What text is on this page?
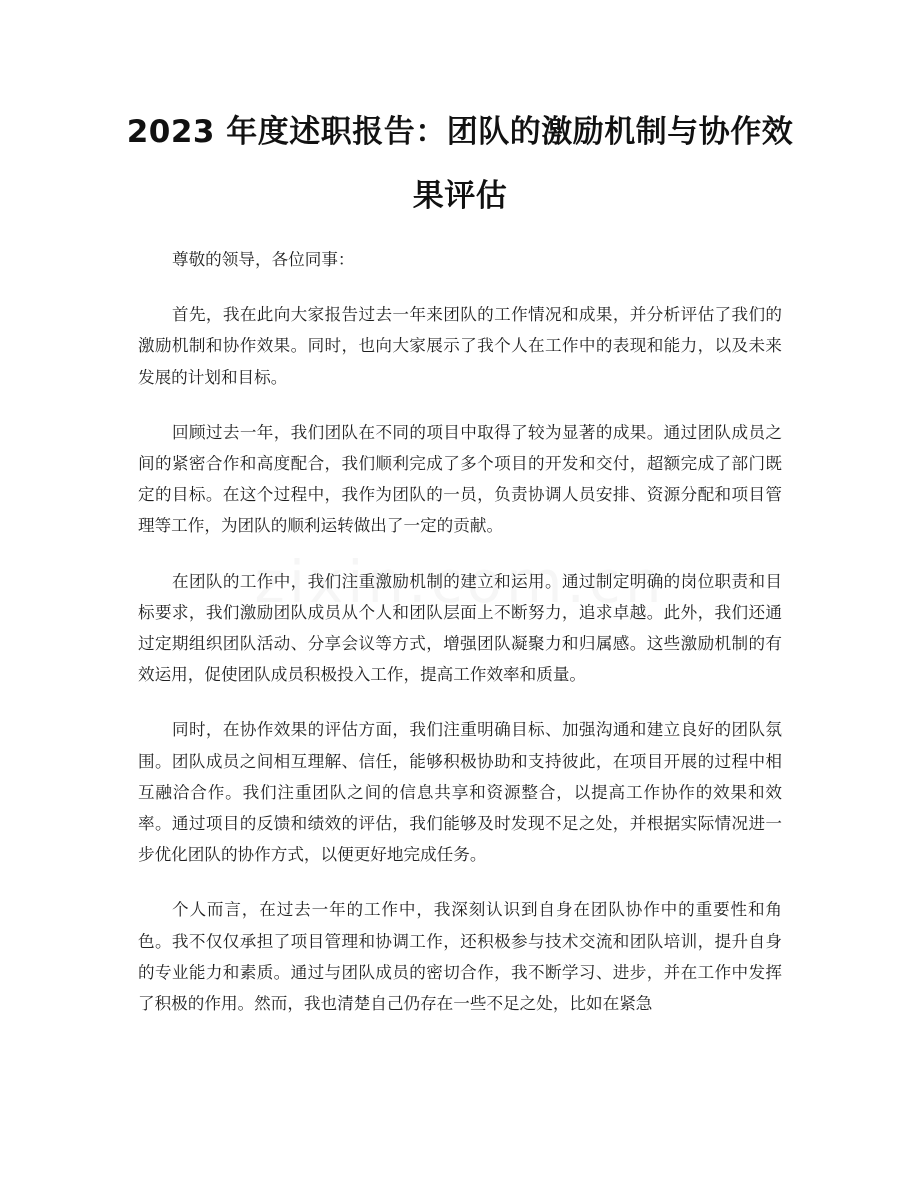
2023 年度述职报告：团队的激励机制与协作效果评估

尊敬的领导，各位同事：

首先，我在此向大家报告过去一年来团队的工作情况和成果，并分析评估了我们的激励机制和协作效果。同时，也向大家展示了我个人在工作中的表现和能力，以及未来发展的计划和目标。

回顾过去一年，我们团队在不同的项目中取得了较为显著的成果。通过团队成员之间的紧密合作和高度配合，我们顺利完成了多个项目的开发和交付，超额完成了部门既定的目标。在这个过程中，我作为团队的一员，负责协调人员安排、资源分配和项目管理等工作，为团队的顺利运转做出了一定的贡献。

在团队的工作中，我们注重激励机制的建立和运用。通过制定明确的岗位职责和目标要求，我们激励团队成员从个人和团队层面上不断努力，追求卓越。此外，我们还通过定期组织团队活动、分享会议等方式，增强团队凝聚力和归属感。这些激励机制的有效运用，促使团队成员积极投入工作，提高工作效率和质量。

同时，在协作效果的评估方面，我们注重明确目标、加强沟通和建立良好的团队氛围。团队成员之间相互理解、信任，能够积极协助和支持彼此，在项目开展的过程中相互融洽合作。我们注重团队之间的信息共享和资源整合，以提高工作协作的效果和效率。通过项目的反馈和绩效的评估，我们能够及时发现不足之处，并根据实际情况进一步优化团队的协作方式，以便更好地完成任务。

个人而言，在过去一年的工作中，我深刻认识到自身在团队协作中的重要性和角色。我不仅仅承担了项目管理和协调工作，还积极参与技术交流和团队培训，提升自身的专业能力和素质。通过与团队成员的密切合作，我不断学习、进步，并在工作中发挥了积极的作用。然而，我也清楚自己仍存在一些不足之处，比如在紧急
